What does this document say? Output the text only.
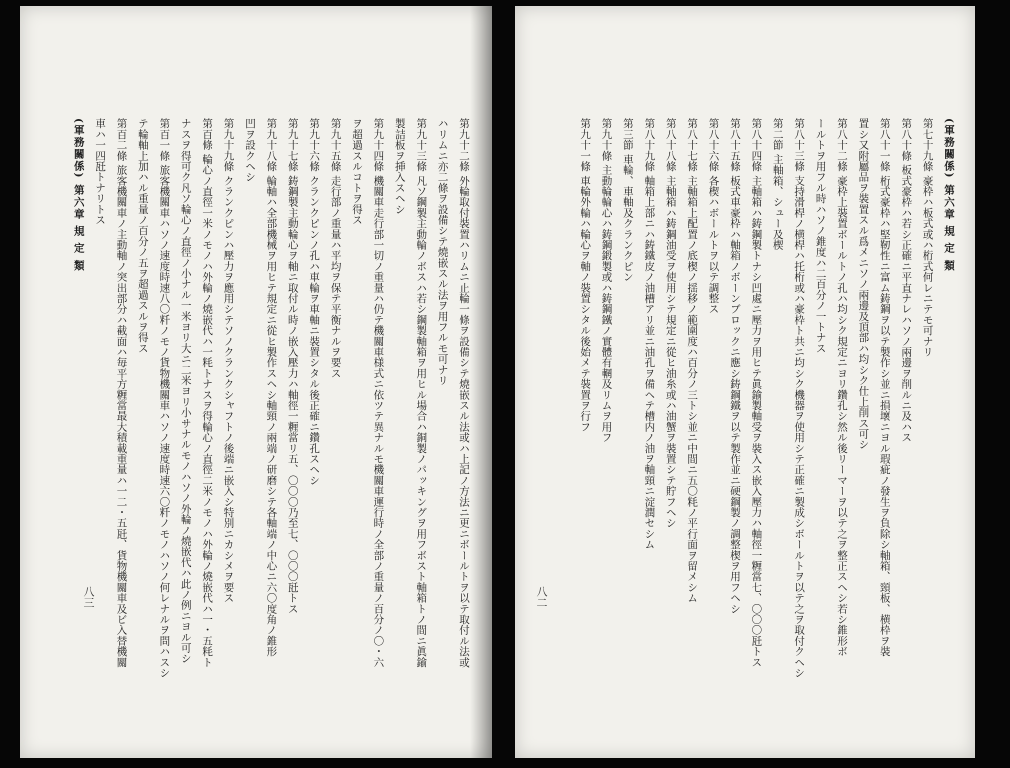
第九十二條 外輪取付裝置ハリムニ止輪一條ヲ設備シテ燒嵌スル法或ハ上記ノ方法ニ更ニボールトヲ以テ取付ル法或
ハリムニ亦二條ヲ設備シテ燒嵌スル法ヲ用フルモ可ナリ
第九十三條 凡ソ鋼製主動輪ノボスハ若シ鋼製軸箱ヲ用ヒル場合ハ銅製ノパッキングヲ用フボスト軸箱トノ間ニ眞鍮
製詰板ヲ挿入スヘシ
第九十四條 機關車走行部一切ノ重量ハ仍テ機關車様式ニ依ツテ異ナルモ機關車運行時ノ全部ノ重量ノ百分ノ〇・六
ヲ超過スルコトヲ得ス
第九十五條 走行部ノ重量ハ平均ヲ保テ平衡ナルヲ要ス
第九十六條 クランクピンノ孔ハ車輪ヲ車軸ニ裝置シタル後正確ニ鑽孔スヘシ
第九十七條 鋳鋼製主動輪心ヲ軸ニ取付ル時ノ嵌入壓力ハ軸徑一糎當リ五、〇〇〇乃至七、〇〇〇瓩トス
第九十八條 輪軸ハ全部機械ヲ用ヒテ規定ニ從ヒ製作スヘシ軸頸ノ兩端ノ研磨シテ各軸端ノ中心ニ六〇度角ノ錐形
凹ヲ設クヘシ
第九十九條 クランクピンハ壓力ヲ應用シテソノクランクシャフトノ後端ニ嵌入シ特別ニカシメヲ要ス
第百條 輪心ノ直徑一米ノモノハ外輪ノ燒嵌代ハ一粍トナスヲ得輪心ノ直徑二米ノモノハ外輪ノ燒嵌代ハ一・五粍ト
ナスヲ得可ク凡ソ輪心ノ直徑ノ小ナル一米ヨリ大ニ二米ヨリ小サナルモノハソノ外輪ノ燒嵌代ハ此ノ例ニヨル可シ
第百一條 旅客機關車ハソノ速度時速八〇粁ノモノ貨物機關車ハソノ速度時速六〇粁ノモノハソノ何レナルヲ問ハスシ
テ輪軸上加ハル重量ノ百分ノ五ヲ超過スルヲ得ス
第百二條 旅客機關車ノ主動軸ノ突出部分ハ截面ハ毎平方糎當最大積載重量ハ一二・五瓩、貨物機關車及ビ入替機關
車ハ一四瓩トナリトス
(軍務關係) 第六章 規 定 類
八三
(軍務關係) 第六章 規 定 類
第七十九條 豪枠ハ板式或ハ桁式何レニテモ可ナリ
第八十條 板式豪枠ハ若シ正確ニ平直ナレハソノ兩邊ヲ削ルニ及ハス
第八十一條 桁式豪枠ハ堅靭性ニ富ム鋳鋼ヲ以テ製作シ並ニ損壞ニヨル瑕疵ノ發生ヲ負除シ軸箱、頸板、横枠ヲ裝
置シ又附屬品ヲ裝置スル爲メニソノ兩邊及頂部ハ均シク仕上削ス可シ
第八十二條 豪枠上裝置ボールトノ孔ハ均シク規定ニヨリ鑽孔シ然ル後リーマーヲ以テ之ヲ整正スヘシ若シ錐形ボ
ールトヲ用フル時ハソノ錐度ハ二百分ノ一トナス
第八十三條 支持滑桿ノ横桿ハ托桁或ハ豪枠ト共ニ均シク機器ヲ使用シテ正確ニ製成シボールトヲ以テ之ヲ取付クヘシ
第二節 主軸箱、シュー及楔
第八十四條 主軸箱ハ鋳鋼製トナシ凹處ニ壓力ヲ用ヒテ眞鍮製軸受ヲ裝入ス嵌入壓力ハ軸徑一糎當七、〇〇〇瓩トス
第八十五條 板式車豪枠ハ軸箱ノボーンブロックニ應シ鋳鋼鐵ヲ以テ製作並ニ硬鋼製ノ調整楔ヲ用フヘシ
第八十六條 各楔ハボールトヲ以テ調整ス
第八十七條 主軸箱上配置ノ底楔ノ揺移ノ範圍度ハ百分ノ三トシ並ニ中間ニ五〇粍ノ平行面ヲ留メシム
第八十八條 主軸箱ハ鋳鋼油受ヲ使用シテ規定ニ從ヒ油糸或ハ油蟹ヲ裝置シテ貯フヘシ
第八十九條 軸箱上部ニハ鋳鐵皮ノ油槽アリ並ニ油孔ヲ備ヘテ槽内ノ油ヲ軸頸ニ淀潤セシム
第三節 車輪、車軸及クランクピン
第九十條 主動輪輪心ハ鋳鋼鍛製或ハ鋳鋼鐵ノ實體有輞及リムヲ用フ
第九十一條 車輪外輪ハ輪心ヲ軸ノ裝置シタル後始メテ裝置ヲ行フ
八二
